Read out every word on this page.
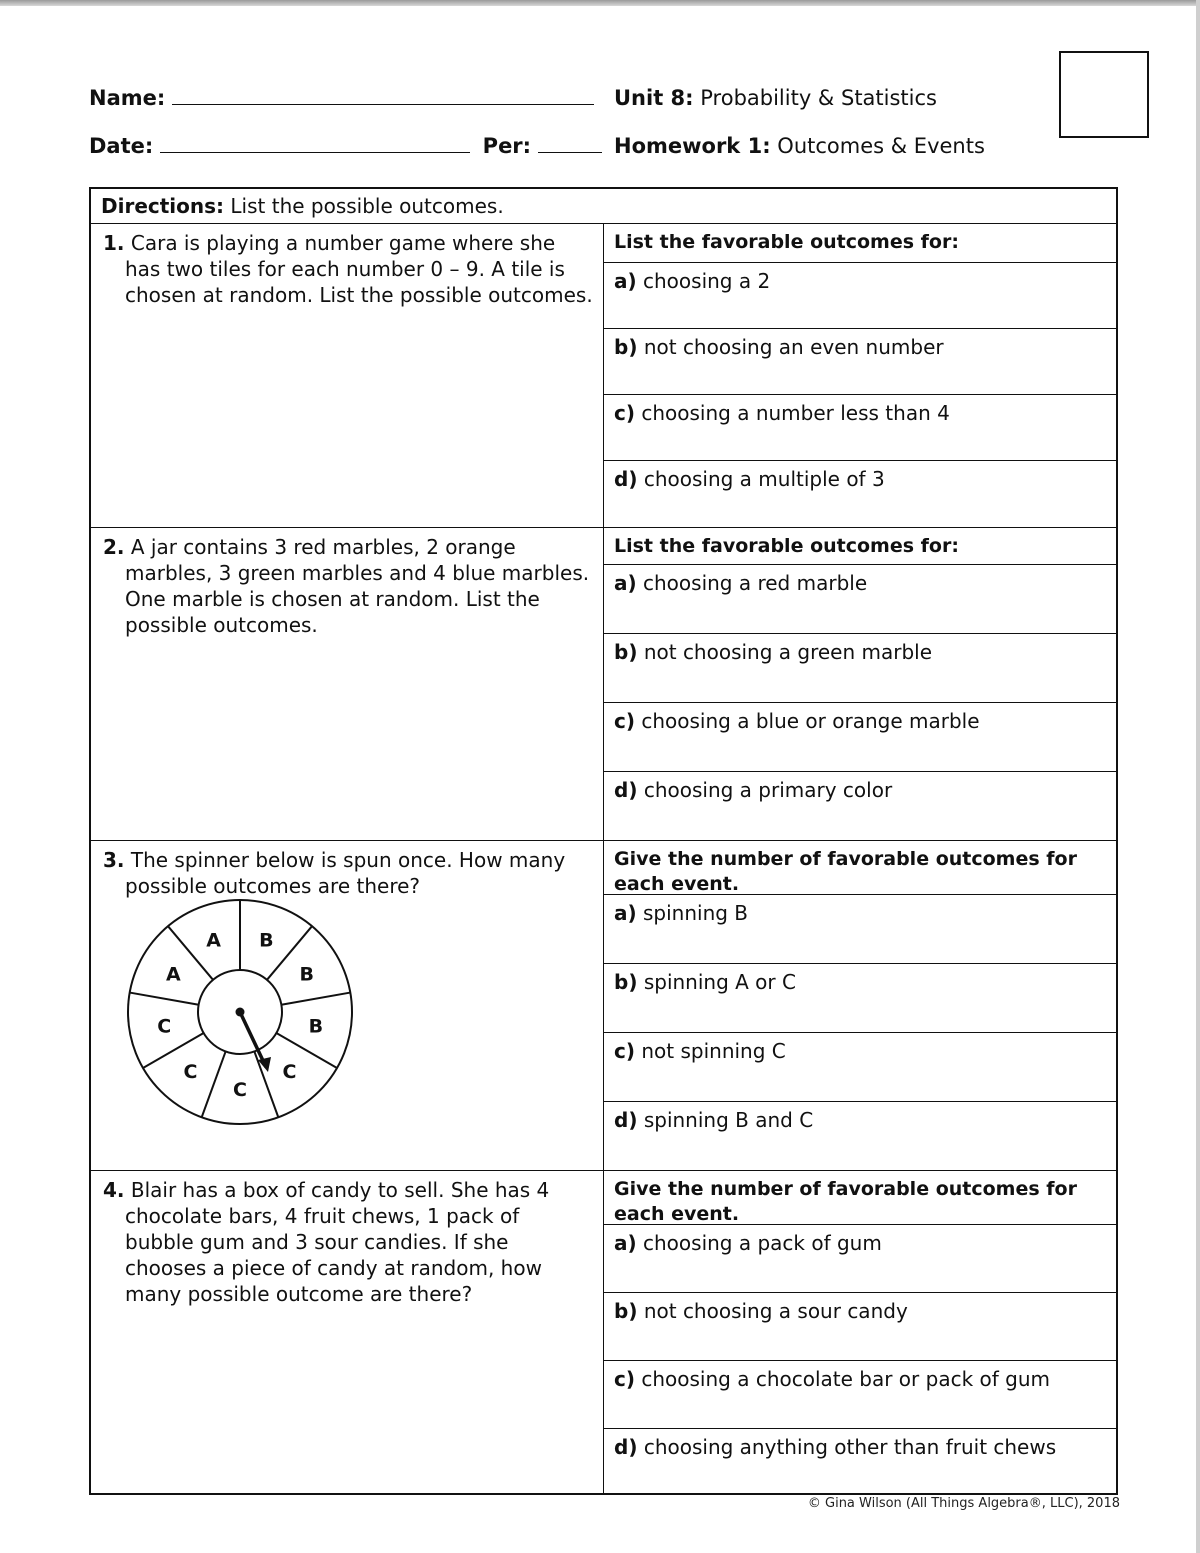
Name:
Date:	Per:
Unit 8: Probability & Statistics
Homework 1: Outcomes & Events
Directions: List the possible outcomes.
1. Cara is playing a number game where she has two tiles for each number 0 – 9. A tile is chosen at random. List the possible outcomes.
List the favorable outcomes for:
a) choosing a 2
b) not choosing an even number
c) choosing a number less than 4
d) choosing a multiple of 3
2. A jar contains 3 red marbles, 2 orange marbles, 3 green marbles and 4 blue marbles. One marble is chosen at random. List the possible outcomes.
List the favorable outcomes for:
a) choosing a red marble
b) not choosing a green marble
c) choosing a blue or orange marble
d) choosing a primary color
3. The spinner below is spun once. How many possible outcomes are there?
Give the number of favorable outcomes for each event.
a) spinning B
b) spinning A or C
c) not spinning C
d) spinning B and C
4. Blair has a box of candy to sell. She has 4 chocolate bars, 4 fruit chews, 1 pack of bubble gum and 3 sour candies. If she chooses a piece of candy at random, how many possible outcome are there?
Give the number of favorable outcomes for each event.
a) choosing a pack of gum
b) not choosing a sour candy
c) choosing a chocolate bar or pack of gum
d) choosing anything other than fruit chews
B
B
B
C
C
C
C
A
A
© Gina Wilson (All Things Algebra®, LLC), 2018
